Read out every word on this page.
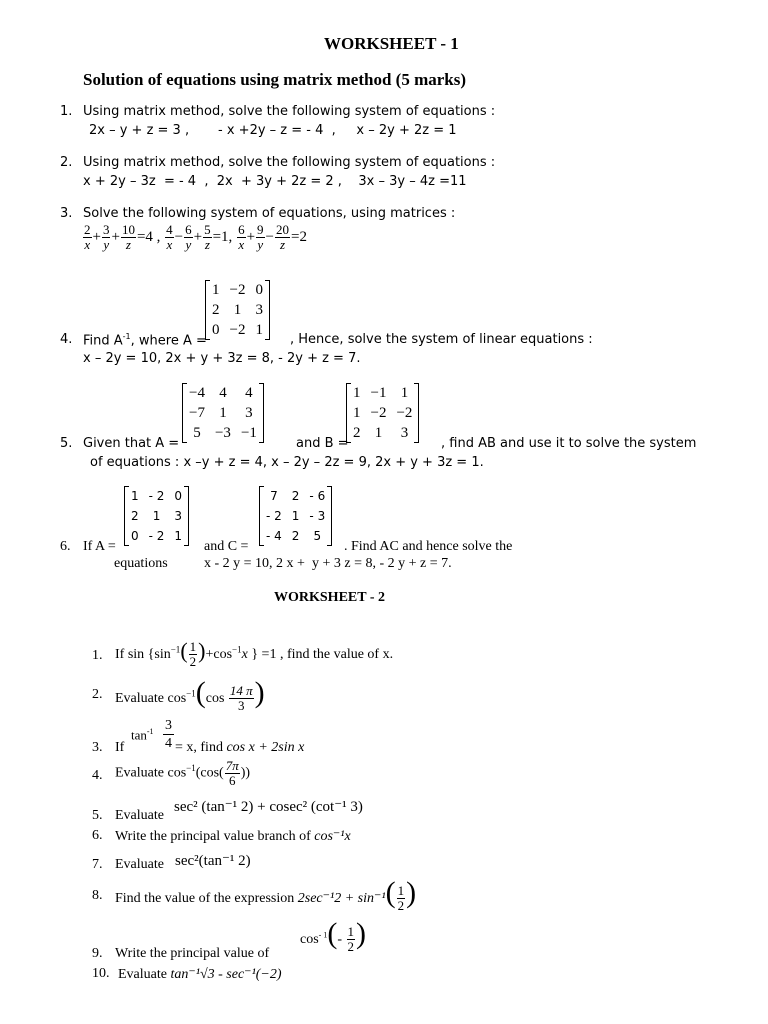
WORKSHEET - 1
Solution of equations using matrix method (5 marks)
1. Using matrix method, solve the following system of equations :
2x – y + z = 3 ,       - x +2y – z = - 4  ,     x – 2y + 2z = 1
2. Using matrix method, solve the following system of equations :
x + 2y – 3z  = - 4  ,  2x  + 3y + 2z = 2 ,    3x – 3y – 4z =11
3. Solve the following system of equations, using matrices :
$\frac{2}{x} + \frac{3}{y} + \frac{10}{z} =4$ , $\frac{4}{x} - \frac{6}{y} + \frac{5}{z} =1$, $\frac{6}{x} + \frac{9}{y} - \frac{20}{z} =2$
1	−2	0
2	1	3
0	−2	1
4. Find $A^{-1}$, where A =	, Hence, solve the system of linear equations :
x – 2y = 10, 2x + y + 3z = 8, - 2y + z = 7.
−4	4	4
−7	1	3
5	−3	−1
1	−1	1
1	−2	−2
2	1	3
5. Given that A =	and B =	, find AB and use it to solve the system
of equations : x –y + z = 4, x – 2y – 2z = 9, 2x + y + 3z = 1.
1	- 2	0
2	1	3
0	- 2	1
7	2	- 6
- 2	1	- 3
- 4	2	5
6. If A =	and C =	. Find AC and hence solve the
equations	x - 2 y = 10, 2 x +  y + 3 z = 8, - 2 y + z = 7.
WORKSHEET - 2
1. If $\sin \{\sin^{-1}( \frac{1}{2} )+\cos^{-1}x$ } =1 , find the value of x.
2. Evaluate $\cos^{-1}(\cos \frac{14 \pi}{3}$ )
3. If
$\tan^{-1} 3$
4 = x, find cos x + 2sin x
4. Evaluate $\cos^{-1}(\cos( \frac{7\pi}{6}$ ))
5. Evaluate
sec² (tan⁻¹ 2) + cosec² (cot⁻¹ 3)
6. Write the principal value branch of cos⁻¹x
7. Evaluate sec²(tan⁻¹ 2)
8. Find the value of the expression $2\sec^{-1}2 + \sin^{-1}( \frac{1}{2}$ )
$\cos^{- 1}(- \frac{1}{2}$ )
9. Write the principal value of
10. Evaluate tan⁻¹√3 - sec⁻¹(−2)
